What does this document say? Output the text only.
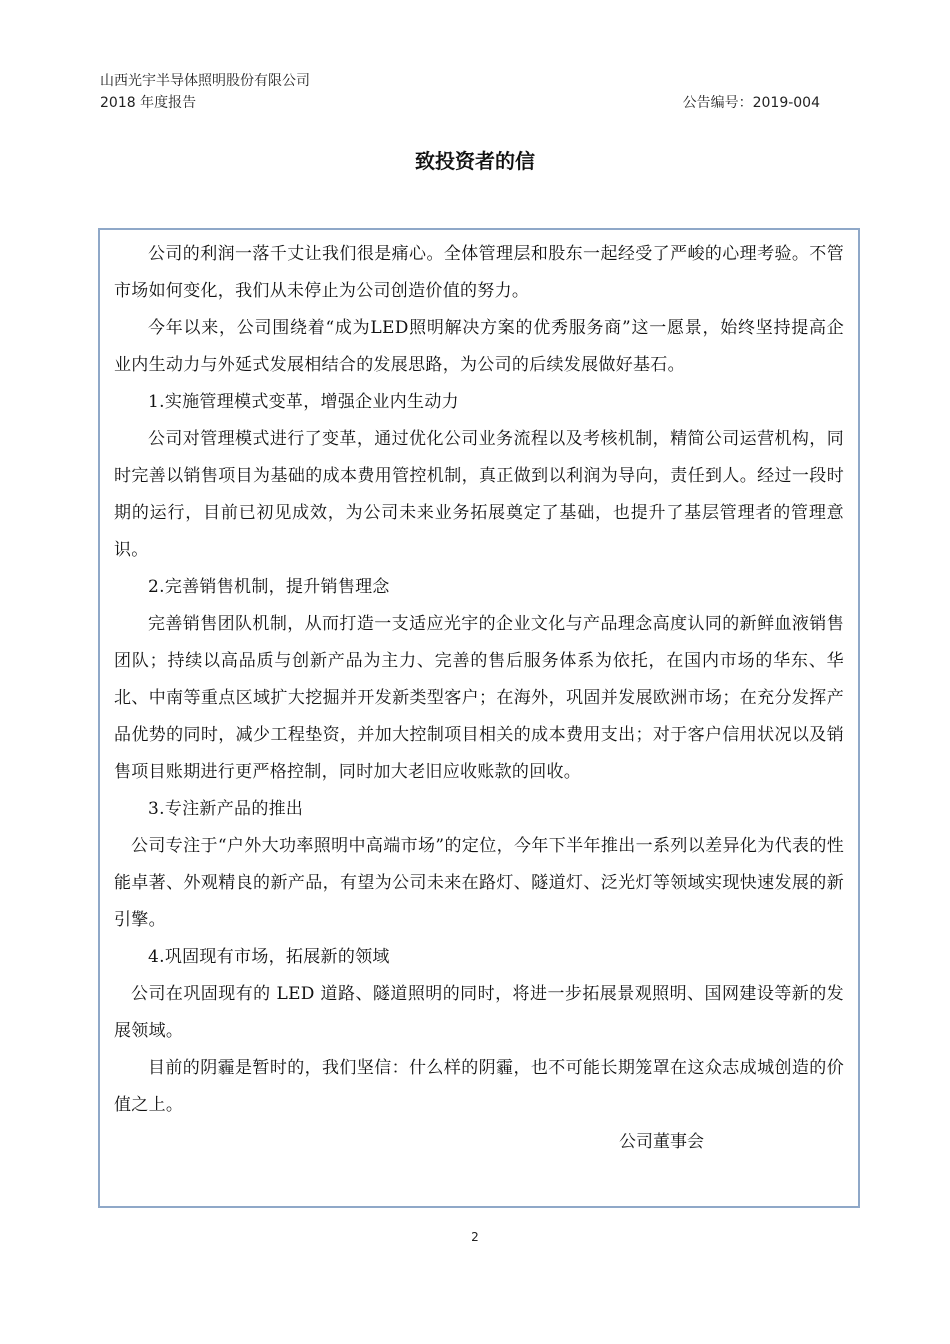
山西光宇半导体照明股份有限公司
2018 年度报告	公告编号：2019-004
致投资者的信

公司的利润一落千丈让我们很是痛心。全体管理层和股东一起经受了严峻的心理考验。不管市场如何变化，我们从未停止为公司创造价值的努力。

今年以来，公司围绕着“成为LED照明解决方案的优秀服务商”这一愿景，始终坚持提高企业内生动力与外延式发展相结合的发展思路，为公司的后续发展做好基石。

1.实施管理模式变革，增强企业内生动力

公司对管理模式进行了变革，通过优化公司业务流程以及考核机制，精简公司运营机构，同时完善以销售项目为基础的成本费用管控机制，真正做到以利润为导向，责任到人。经过一段时期的运行，目前已初见成效，为公司未来业务拓展奠定了基础，也提升了基层管理者的管理意识。

2.完善销售机制，提升销售理念

完善销售团队机制，从而打造一支适应光宇的企业文化与产品理念高度认同的新鲜血液销售团队；持续以高品质与创新产品为主力、完善的售后服务体系为依托，在国内市场的华东、华北、中南等重点区域扩大挖掘并开发新类型客户；在海外，巩固并发展欧洲市场；在充分发挥产品优势的同时，减少工程垫资，并加大控制项目相关的成本费用支出；对于客户信用状况以及销售项目账期进行更严格控制，同时加大老旧应收账款的回收。

3.专注新产品的推出

公司专注于“户外大功率照明中高端市场”的定位，今年下半年推出一系列以差异化为代表的性能卓著、外观精良的新产品，有望为公司未来在路灯、隧道灯、泛光灯等领域实现快速发展的新引擎。

4.巩固现有市场，拓展新的领域

公司在巩固现有的 LED 道路、隧道照明的同时，将进一步拓展景观照明、国网建设等新的发展领域。

目前的阴霾是暂时的，我们坚信：什么样的阴霾，也不可能长期笼罩在这众志成城创造的价值之上。

公司董事会

2
